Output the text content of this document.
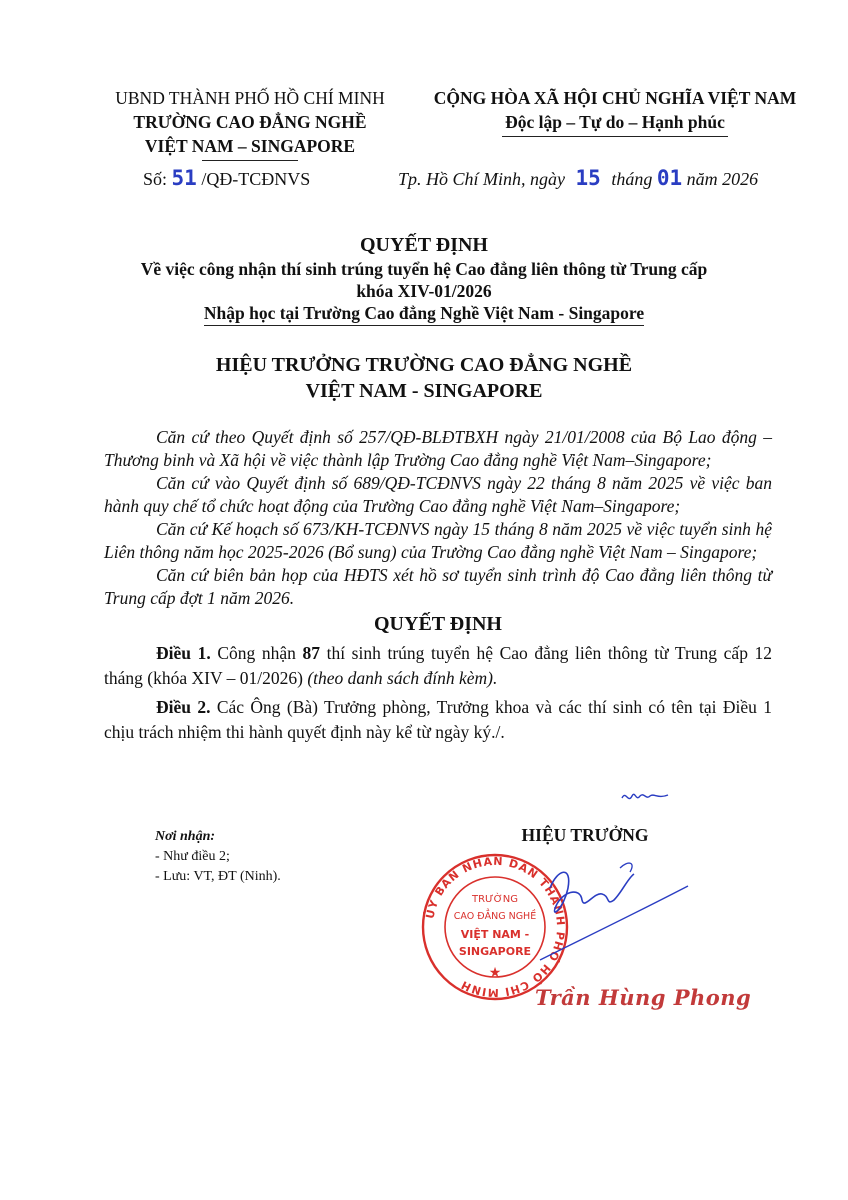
UBND THÀNH PHỐ HỒ CHÍ MINH
TRƯỜNG CAO ĐẲNG NGHỀ
VIỆT NAM – SINGAPORE
CỘNG HÒA XÃ HỘI CHỦ NGHĨA VIỆT NAM
Độc lập – Tự do – Hạnh phúc
Số: 51 /QĐ-TCĐNVS	Tp. Hồ Chí Minh, ngày 15 tháng 01 năm 2026
QUYẾT ĐỊNH
Về việc công nhận thí sinh trúng tuyển hệ Cao đẳng liên thông từ Trung cấp
khóa XIV-01/2026
Nhập học tại Trường Cao đẳng Nghề Việt Nam - Singapore
HIỆU TRƯỞNG TRƯỜNG CAO ĐẲNG NGHỀ
VIỆT NAM - SINGAPORE

Căn cứ theo Quyết định số 257/QĐ-BLĐTBXH ngày 21/01/2008 của Bộ Lao động – Thương binh và Xã hội về việc thành lập Trường Cao đẳng nghề Việt Nam–Singapore;

Căn cứ vào Quyết định số 689/QĐ-TCĐNVS ngày 22 tháng 8 năm 2025 về việc ban hành quy chế tổ chức hoạt động của Trường Cao đẳng nghề Việt Nam–Singapore;

Căn cứ Kế hoạch số 673/KH-TCĐNVS ngày 15 tháng 8 năm 2025 về việc tuyển sinh hệ Liên thông năm học 2025-2026 (Bổ sung) của Trường Cao đẳng nghề Việt Nam – Singapore;

Căn cứ biên bản họp của HĐTS xét hồ sơ tuyển sinh trình độ Cao đẳng liên thông từ Trung cấp đợt 1 năm 2026.

QUYẾT ĐỊNH

Điều 1. Công nhận 87 thí sinh trúng tuyển hệ Cao đẳng liên thông từ Trung cấp 12 tháng (khóa XIV – 01/2026) (theo danh sách đính kèm).

Điều 2. Các Ông (Bà) Trưởng phòng, Trưởng khoa và các thí sinh có tên tại Điều 1 chịu trách nhiệm thi hành quyết định này kể từ ngày ký./.

Nơi nhận:
- Như điều 2;
- Lưu: VT, ĐT (Ninh).
HIỆU TRƯỞNG
ỦY BAN NHÂN DÂN THÀNH PHỐ HỒ CHÍ MINH
TRƯỜNG
CAO ĐẲNG NGHỀ
VIỆT NAM -
SINGAPORE
★
Trần Hùng Phong
